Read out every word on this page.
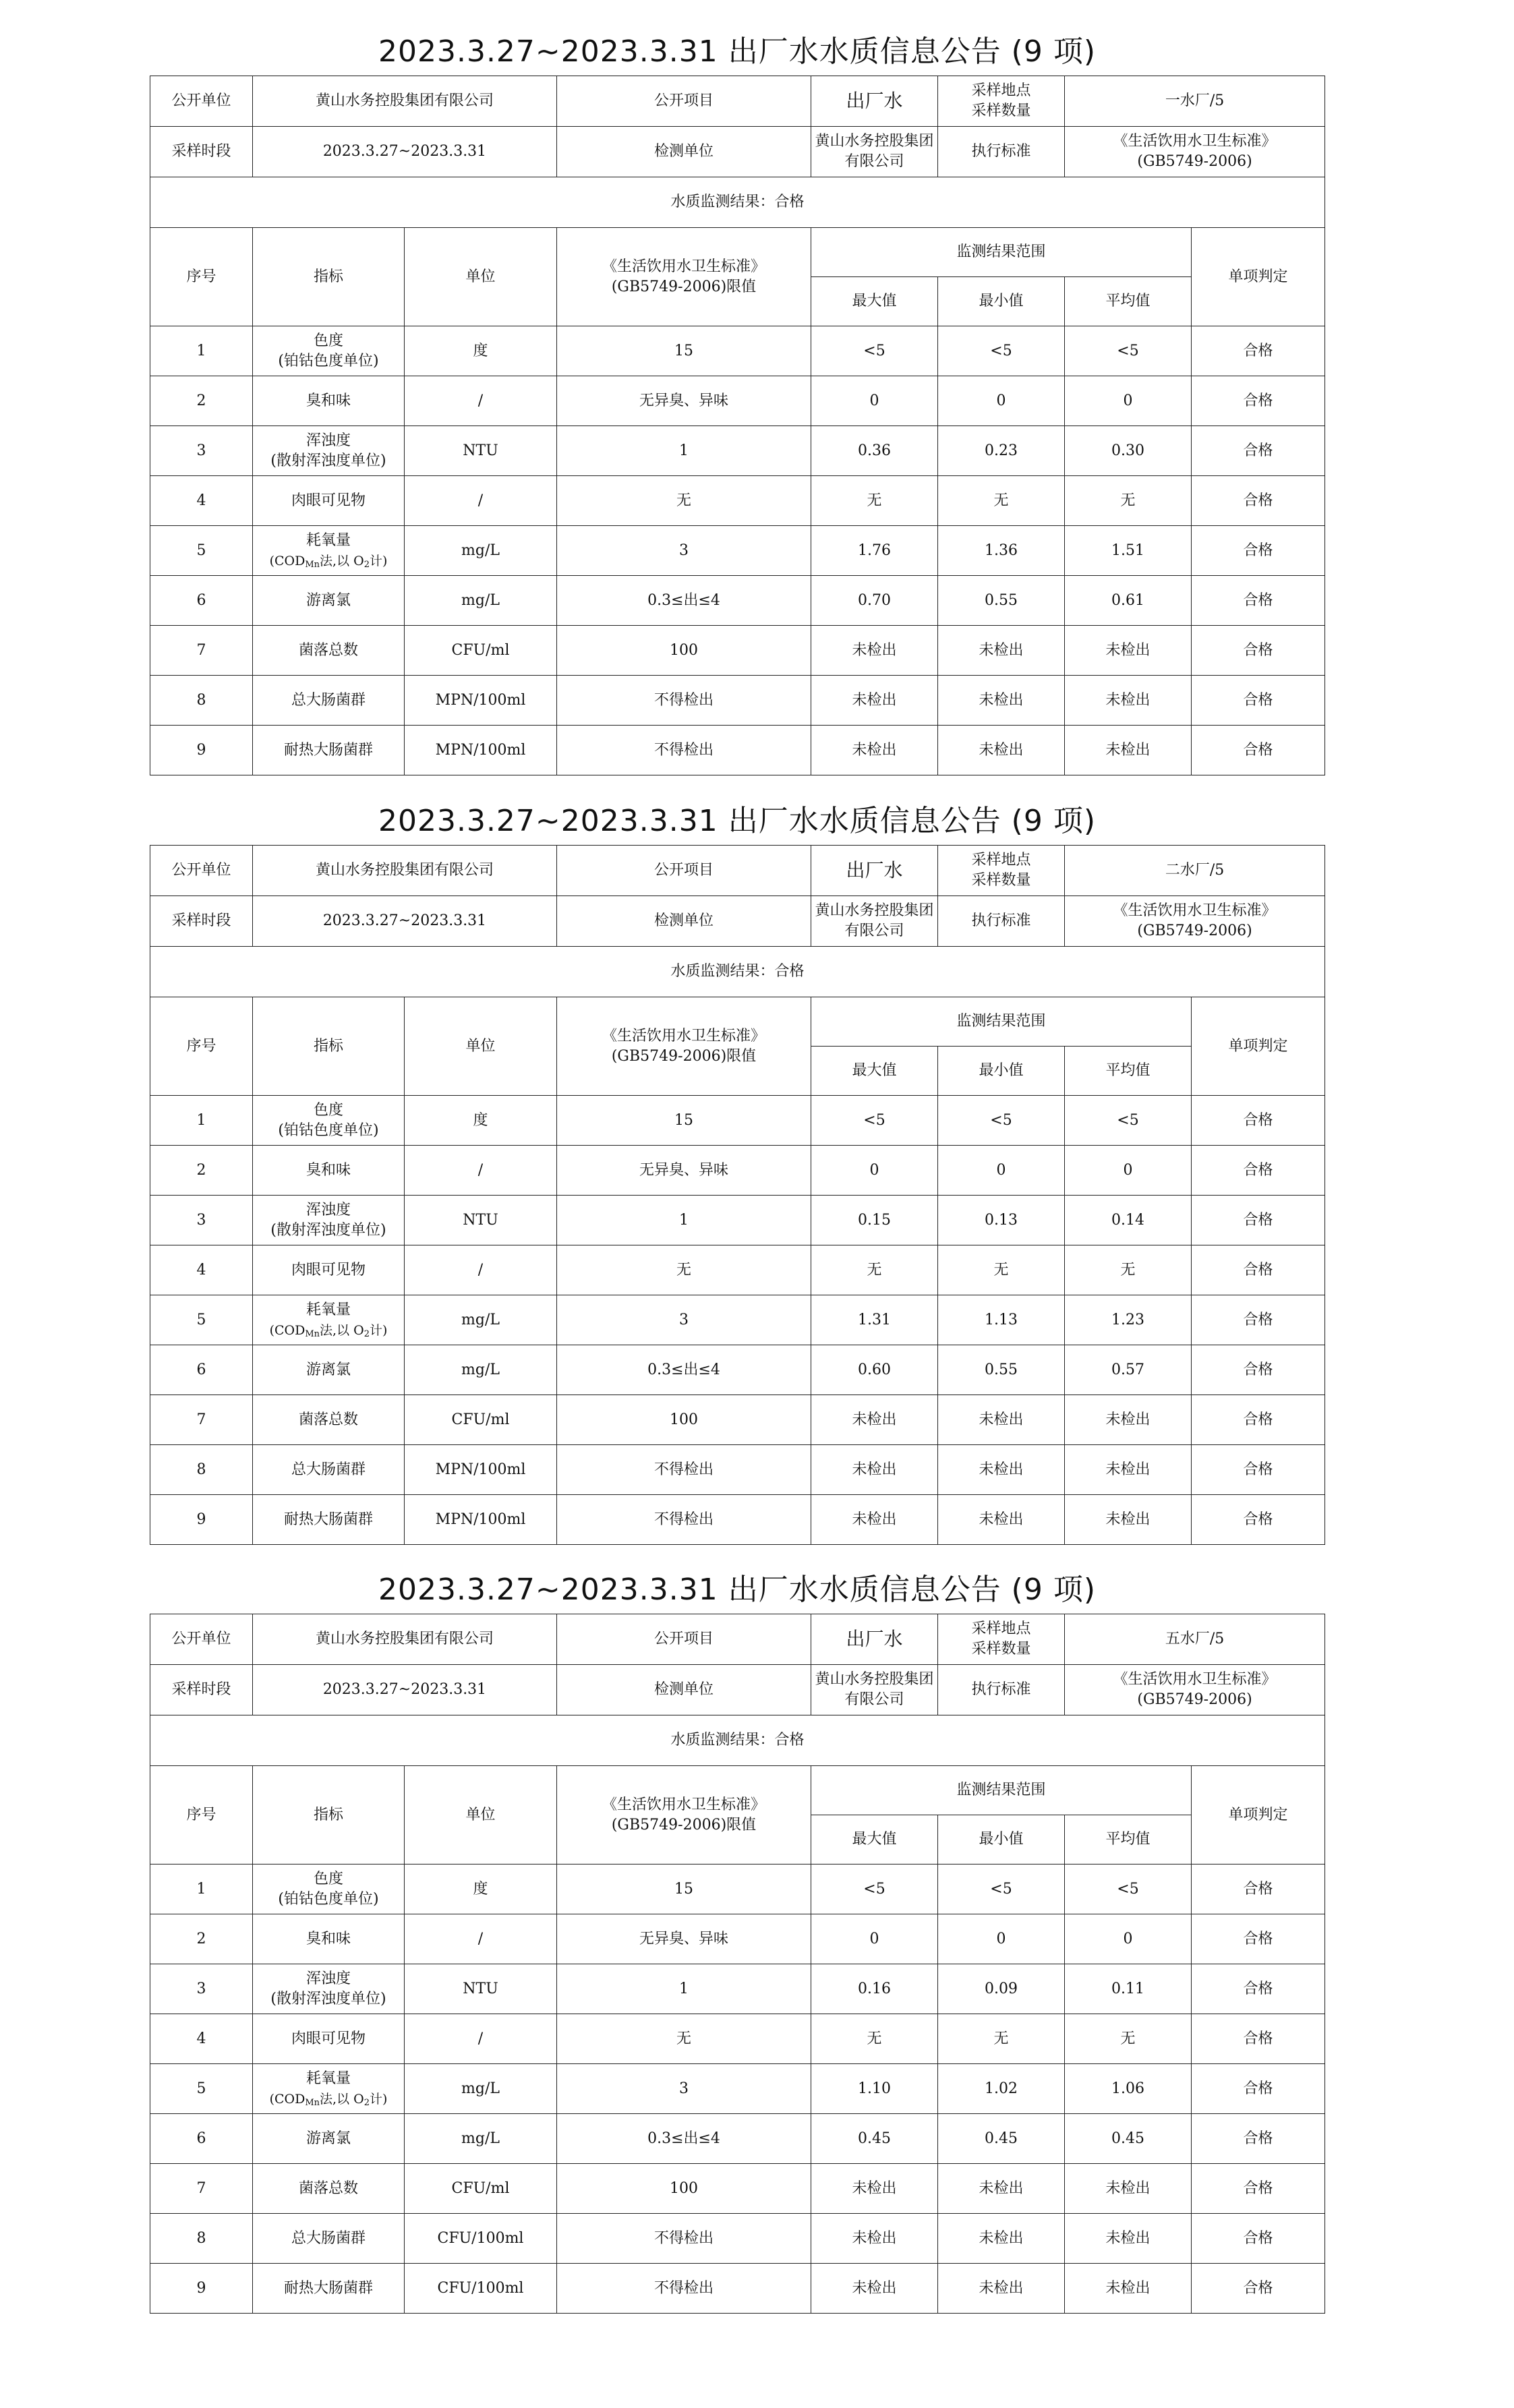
2023.3.27~2023.3.31 出厂水水质信息公告 (9 项)
公开单位	黄山水务控股集团有限公司		公开项目	出厂水	采样地点
采样数量	一水厂/5	
采样时段	2023.3.27~2023.3.31		检测单位	黄山水务控股集团有限公司	执行标准	《生活饮用水卫生标准》
(GB5749-2006)	
水质监测结果：合格							
序号	指标	单位	《生活饮用水卫生标准》
(GB5749-2006)限值	监测结果范围			单项判定
				最大值	最小值	平均值	
1	色度
(铂钴色度单位)	度	15	<5	<5	<5	合格
2	臭和味	/	无异臭、异味	0	0	0	合格
3	浑浊度
(散射浑浊度单位)	NTU	1	0.36	0.23	0.30	合格
4	肉眼可见物	/	无	无	无	无	合格
5	耗氧量
($COD_{Mn}$法,以 $O_2$计)	mg/L	3	1.76	1.36	1.51	合格
6	游离氯	mg/L	0.3≤出≤4	0.70	0.55	0.61	合格
7	菌落总数	CFU/ml	100	未检出	未检出	未检出	合格
8	总大肠菌群	MPN/100ml	不得检出	未检出	未检出	未检出	合格
9	耐热大肠菌群	MPN/100ml	不得检出	未检出	未检出	未检出	合格
2023.3.27~2023.3.31 出厂水水质信息公告 (9 项)
公开单位	黄山水务控股集团有限公司		公开项目	出厂水	采样地点
采样数量	二水厂/5	
采样时段	2023.3.27~2023.3.31		检测单位	黄山水务控股集团有限公司	执行标准	《生活饮用水卫生标准》
(GB5749-2006)	
水质监测结果：合格							
序号	指标	单位	《生活饮用水卫生标准》
(GB5749-2006)限值	监测结果范围			单项判定
				最大值	最小值	平均值	
1	色度
(铂钴色度单位)	度	15	<5	<5	<5	合格
2	臭和味	/	无异臭、异味	0	0	0	合格
3	浑浊度
(散射浑浊度单位)	NTU	1	0.15	0.13	0.14	合格
4	肉眼可见物	/	无	无	无	无	合格
5	耗氧量
($COD_{Mn}$法,以 $O_2$计)	mg/L	3	1.31	1.13	1.23	合格
6	游离氯	mg/L	0.3≤出≤4	0.60	0.55	0.57	合格
7	菌落总数	CFU/ml	100	未检出	未检出	未检出	合格
8	总大肠菌群	MPN/100ml	不得检出	未检出	未检出	未检出	合格
9	耐热大肠菌群	MPN/100ml	不得检出	未检出	未检出	未检出	合格
2023.3.27~2023.3.31 出厂水水质信息公告 (9 项)
公开单位	黄山水务控股集团有限公司		公开项目	出厂水	采样地点
采样数量	五水厂/5	
采样时段	2023.3.27~2023.3.31		检测单位	黄山水务控股集团有限公司	执行标准	《生活饮用水卫生标准》
(GB5749-2006)	
水质监测结果：合格							
序号	指标	单位	《生活饮用水卫生标准》
(GB5749-2006)限值	监测结果范围			单项判定
				最大值	最小值	平均值	
1	色度
(铂钴色度单位)	度	15	<5	<5	<5	合格
2	臭和味	/	无异臭、异味	0	0	0	合格
3	浑浊度
(散射浑浊度单位)	NTU	1	0.16	0.09	0.11	合格
4	肉眼可见物	/	无	无	无	无	合格
5	耗氧量
($COD_{Mn}$法,以 $O_2$计)	mg/L	3	1.10	1.02	1.06	合格
6	游离氯	mg/L	0.3≤出≤4	0.45	0.45	0.45	合格
7	菌落总数	CFU/ml	100	未检出	未检出	未检出	合格
8	总大肠菌群	CFU/100ml	不得检出	未检出	未检出	未检出	合格
9	耐热大肠菌群	CFU/100ml	不得检出	未检出	未检出	未检出	合格
